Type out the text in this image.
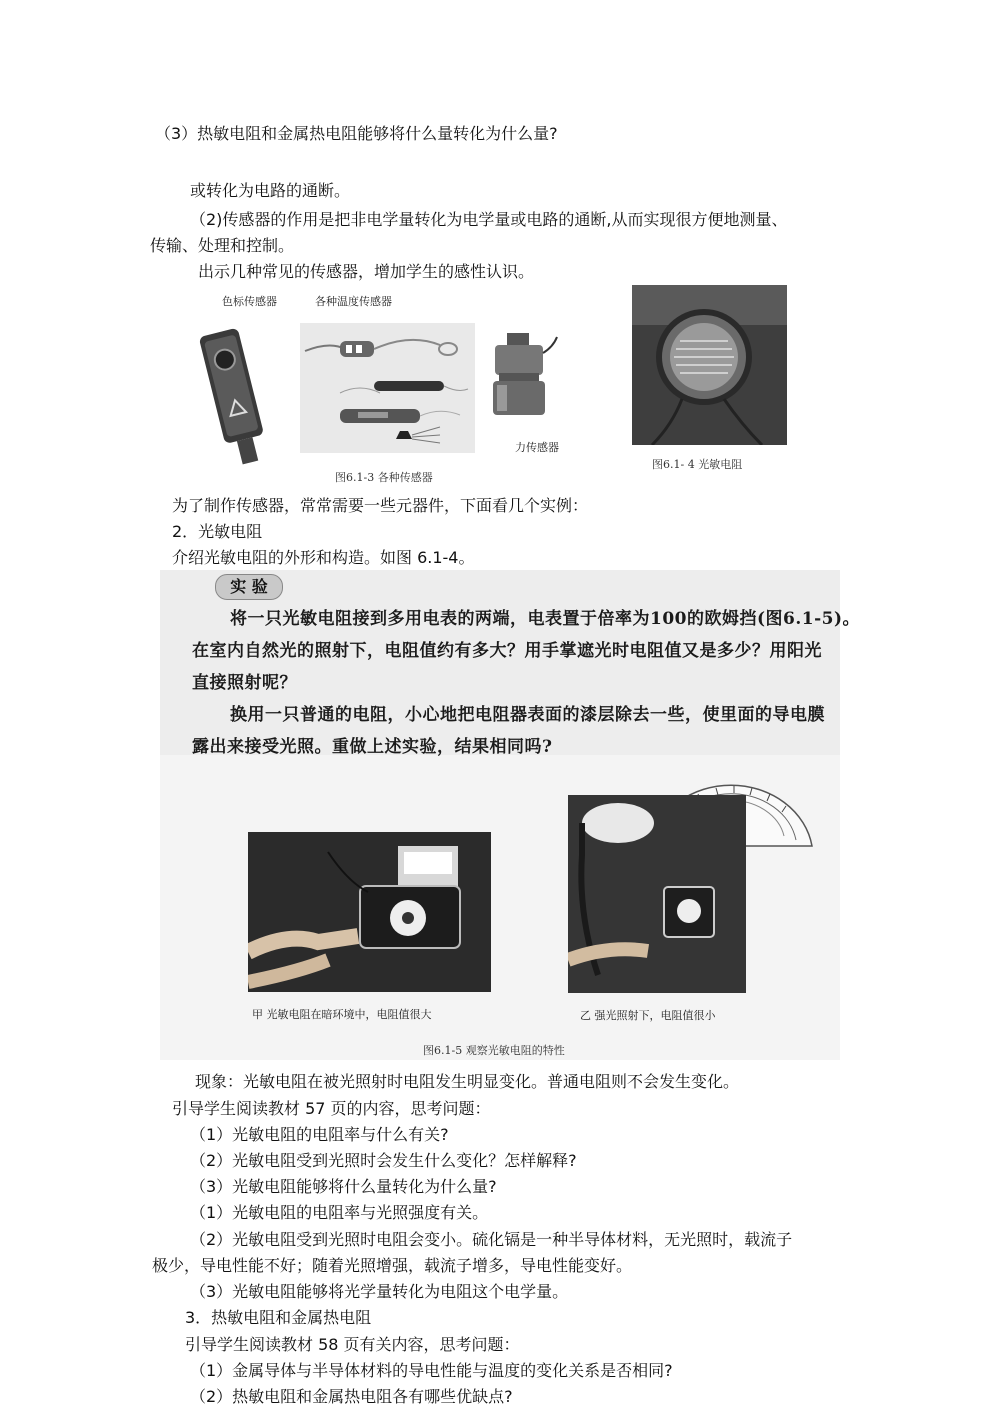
（3）热敏电阻和金属热电阻能够将什么量转化为什么量?
或转化为电路的通断。
（2)传感器的作用是把非电学量转化为电学量或电路的通断,从而实现很方便地测量、
传输、处理和控制。
出示几种常见的传感器，增加学生的感性认识。
色标传感器	各种温度传感器
力传感器
图6.1-3 各种传感器
图6.1- 4 光敏电阻
为了制作传感器，常常需要一些元器件，下面看几个实例：
2．光敏电阻
介绍光敏电阻的外形和构造。如图 6.1-4。
实 验
将一只光敏电阻接到多用电表的两端，电表置于倍率为100的欧姆挡(图6.1-5)。
在室内自然光的照射下，电阻值约有多大？用手掌遮光时电阻值又是多少？用阳光
直接照射呢？
换用一只普通的电阻，小心地把电阻器表面的漆层除去一些，使里面的导电膜
露出来接受光照。重做上述实验，结果相同吗?
甲 光敏电阻在暗环境中，电阻值很大	乙 强光照射下，电阻值很小
图6.1-5 观察光敏电阻的特性
现象：光敏电阻在被光照射时电阻发生明显变化。普通电阻则不会发生变化。
引导学生阅读教材 57 页的内容，思考问题：
（1）光敏电阻的电阻率与什么有关?
（2）光敏电阻受到光照时会发生什么变化？怎样解释?
（3）光敏电阻能够将什么量转化为什么量?
（1）光敏电阻的电阻率与光照强度有关。
（2）光敏电阻受到光照时电阻会变小。硫化镉是一种半导体材料，无光照时，载流子
极少，导电性能不好；随着光照增强，载流子增多，导电性能变好。
（3）光敏电阻能够将光学量转化为电阻这个电学量。
3．热敏电阻和金属热电阻
引导学生阅读教材 58 页有关内容，思考问题：
（1）金属导体与半导体材料的导电性能与温度的变化关系是否相同?
（2）热敏电阻和金属热电阻各有哪些优缺点?
